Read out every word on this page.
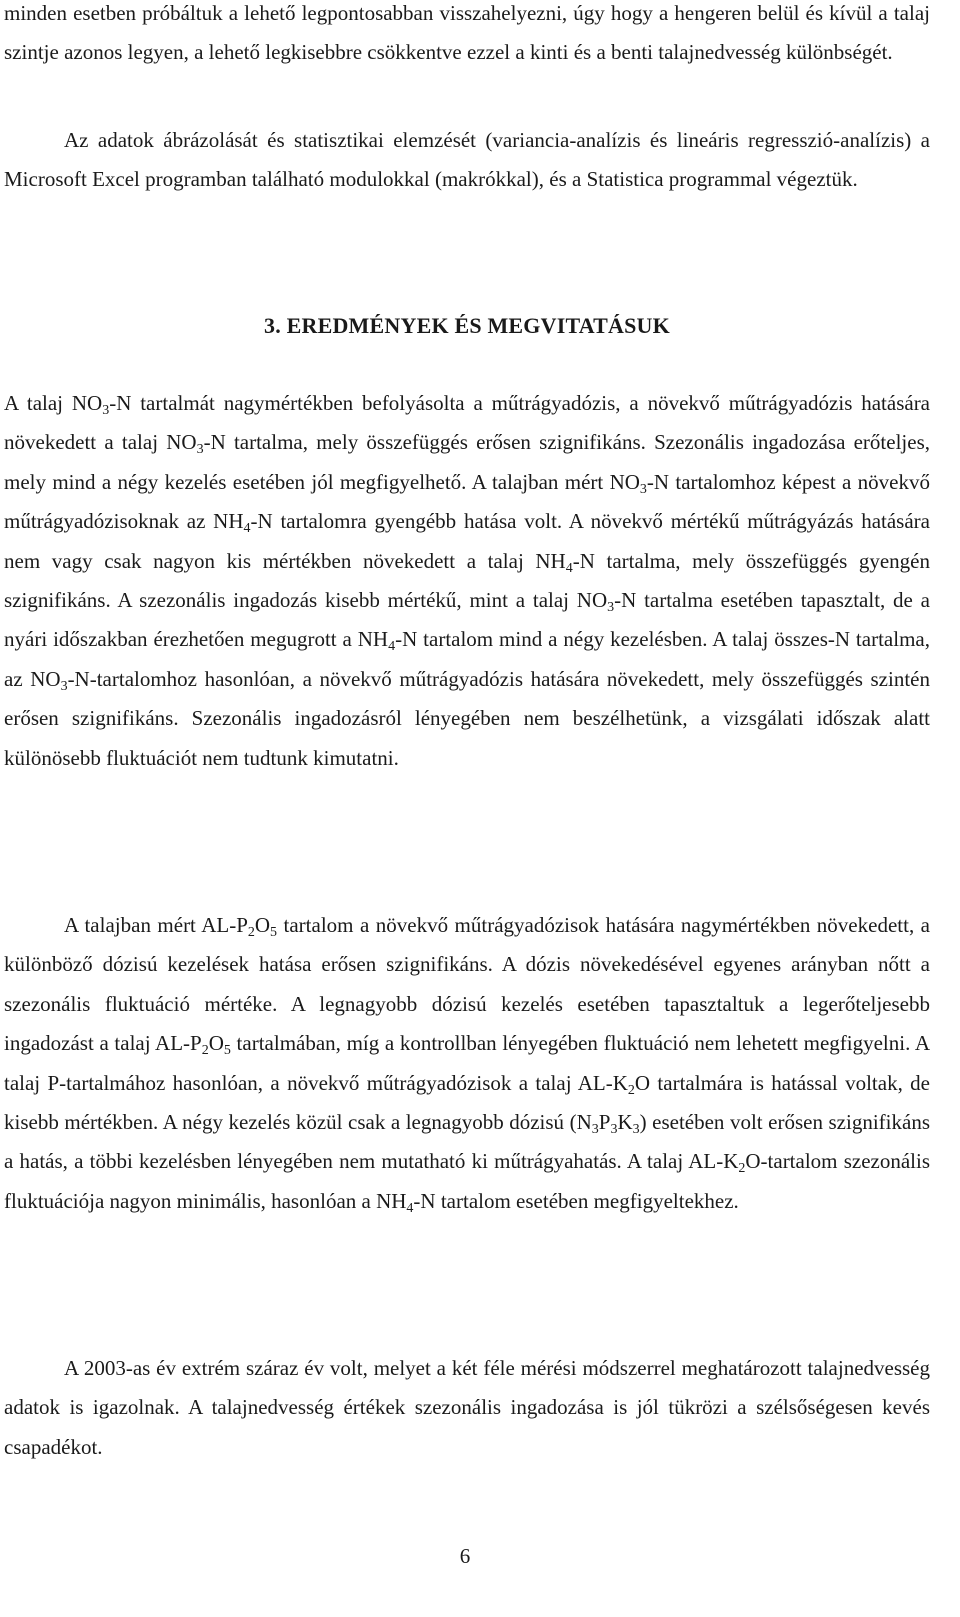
minden esetben próbáltuk a lehető legpontosabban visszahelyezni, úgy hogy a hengeren belül és kívül a talaj szintje azonos legyen, a lehető legkisebbre csökkentve ezzel a kinti és a benti talajnedvesség különbségét.

Az adatok ábrázolását és statisztikai elemzését (variancia-analízis és lineáris regresszió-analízis) a Microsoft Excel programban található modulokkal (makrókkal), és a Statistica programmal végeztük.

3. EREDMÉNYEK ÉS MEGVITATÁSUK

A talaj $NO_3-N$ tartalmát nagymértékben befolyásolta a műtrágyadózis, a növekvő műtrágyadózis hatására növekedett a talaj $NO_3-N$ tartalma, mely összefüggés erősen szignifikáns. Szezonális ingadozása erőteljes, mely mind a négy kezelés esetében jól megfigyelhető. A talajban mért $NO_3-N$ tartalomhoz képest a növekvő műtrágyadózisoknak az $NH_4-N$ tartalomra gyengébb hatása volt. A növekvő mértékű műtrágyázás hatására nem vagy csak nagyon kis mértékben növekedett a talaj $NH_4-N$ tartalma, mely összefüggés gyengén szignifikáns. A szezonális ingadozás kisebb mértékű, mint a talaj $NO_3-N$ tartalma esetében tapasztalt, de a nyári időszakban érezhetően megugrott a $NH_4-N$ tartalom mind a négy kezelésben. A talaj összes-N tartalma, az $NO_3-N$-tartalomhoz hasonlóan, a növekvő műtrágyadózis hatására növekedett, mely összefüggés szintén erősen szignifikáns. Szezonális ingadozásról lényegében nem beszélhetünk, a vizsgálati időszak alatt különösebb fluktuációt nem tudtunk kimutatni.

A talajban mért $AL-P_2O_5$ tartalom a növekvő műtrágyadózisok hatására nagymértékben növekedett, a különböző dózisú kezelések hatása erősen szignifikáns. A dózis növekedésével egyenes arányban nőtt a szezonális fluktuáció mértéke. A legnagyobb dózisú kezelés esetében tapasztaltuk a legerőteljesebb ingadozást a talaj $AL-P_2O_5$ tartalmában, míg a kontrollban lényegében fluktuáció nem lehetett megfigyelni. A talaj P-tartalmához hasonlóan, a növekvő műtrágyadózisok a talaj $AL-K_2O$ tartalmára is hatással voltak, de kisebb mértékben. A négy kezelés közül csak a legnagyobb dózisú $(N_3P_3K_3)$ esetében volt erősen szignifikáns a hatás, a többi kezelésben lényegében nem mutatható ki műtrágyahatás. A talaj $AL-K_2O$-tartalom szezonális fluktuációja nagyon minimális, hasonlóan a $NH_4-N$ tartalom esetében megfigyeltekhez.

A 2003-as év extrém száraz év volt, melyet a két féle mérési módszerrel meghatározott talajnedvesség adatok is igazolnak. A talajnedvesség értékek szezonális ingadozása is jól tükrözi a szélsőségesen kevés csapadékot.

6
